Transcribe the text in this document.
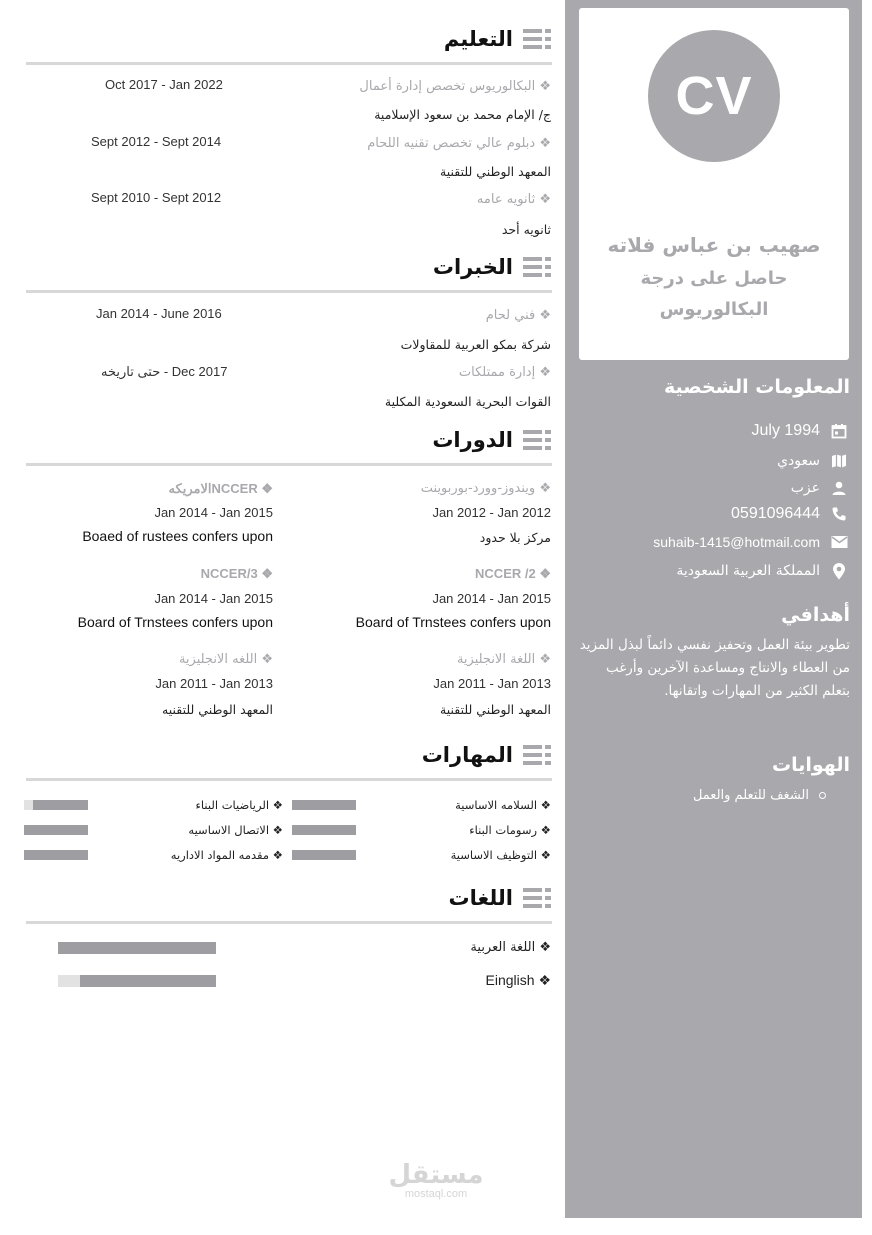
CV
صهيب بن عباس فلاته
حاصل على درجة البكالوريوس
المعلومات الشخصية
July 1994
سعودي
عزب
0591096444
suhaib-1415@hotmail.com
المملكة العربية السعودية
أهدافي
تطوير بيئة العمل وتحفيز نفسي دائماً لبذل المزيد من العطاء والانتاج ومساعدة الآخرين وأرغب بتعلم الكثير من المهارات واتقانها.
الهوايات
الشغف للتعلم والعمل
التعليم
❖ البكالوريوس تخصص إدارة أعمال
Oct 2017 - Jan 2022
ج/ الإمام محمد بن سعود الإسلامية
❖ دبلوم عالي تخصص تقنيه اللحام
Sept 2012 - Sept 2014
المعهد الوطني للتقنية
❖ ثانويه عامه
Sept 2010 - Sept 2012
ثانويه أحد
الخبرات
❖ فني لحام
Jan 2014 - June 2016
شركة بمكو العربية للمقاولات
❖ إدارة ممتلكات
Dec 2017 - حتى تاريخه
القوات البحرية السعودية المكلية
الدورات
❖ ويندوز-وورد-بوربوينت
Jan 2012 - Jan 2012
مركز بلا حدود
❖ NCCERالامريكه
Jan 2014 - Jan 2015
Boaed of rustees confers upon
❖ NCCER /2
Jan 2014 - Jan 2015
Board of Trnstees confers upon
❖ NCCER/3
Jan 2014 - Jan 2015
Board of Trnstees confers upon
❖ اللغة الانجليزية
Jan 2011 - Jan 2013
المعهد الوطني للتقنية
❖ اللغه الانجليزية
Jan 2011 - Jan 2013
المعهد الوطني للتقنيه
المهارات
❖ السلامه الاساسية
❖ الرياضيات البناء
❖ رسومات البناء
❖ الاتصال الاساسيه
❖ التوظيف الاساسية
❖ مقدمه المواد الاداريه
اللغات
❖ اللغة العربية
Einglish ❖
مستقل
mostaql.com
